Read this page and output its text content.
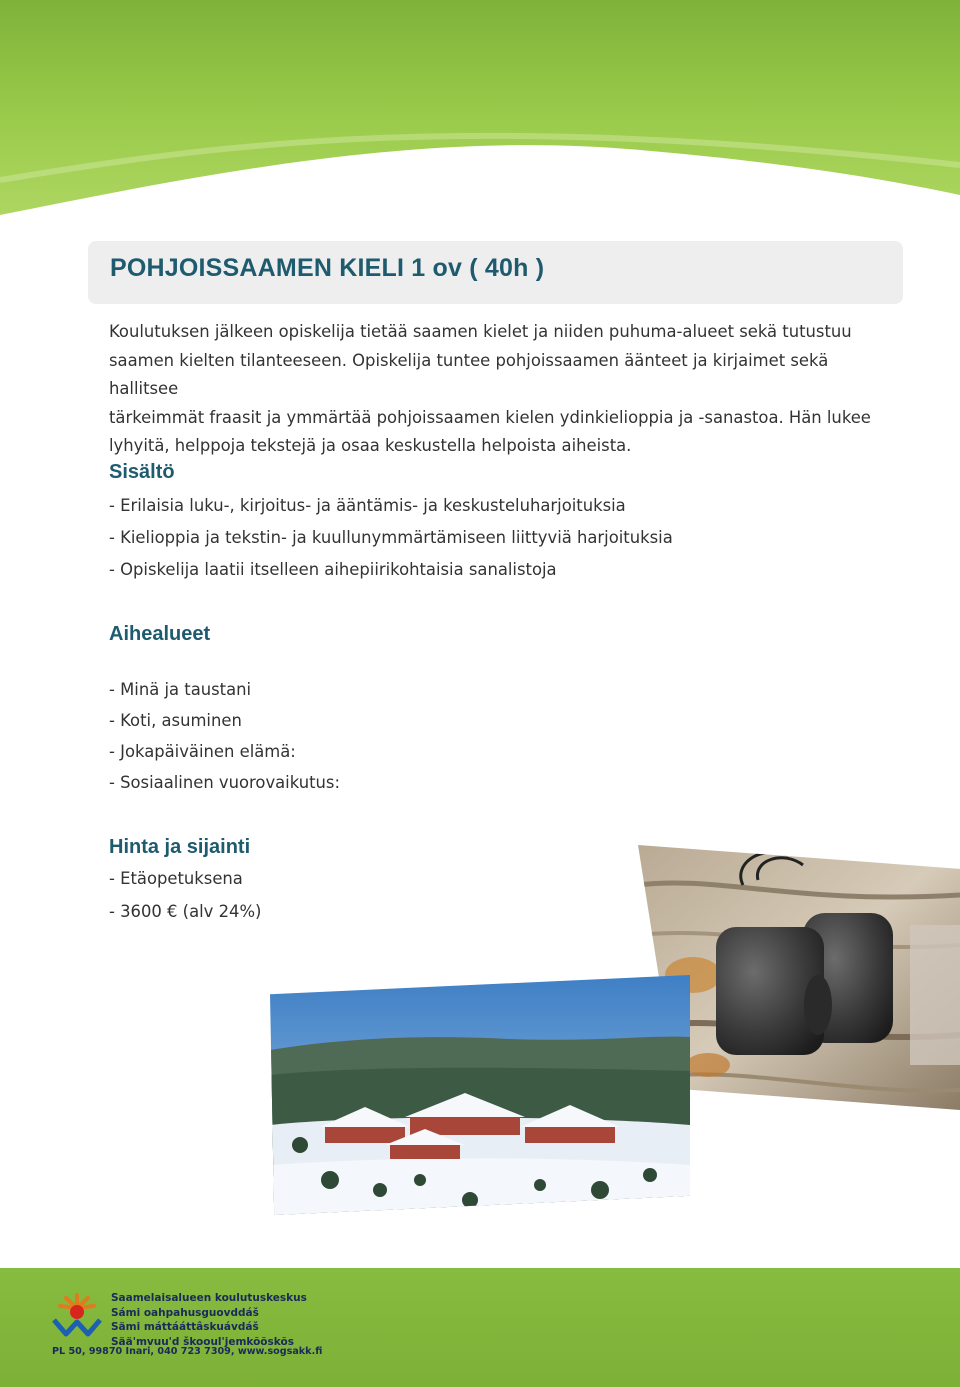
POHJOISSAAMEN KIELI 1 ov ( 40h )

Koulutuksen jälkeen opiskelija tietää saamen kielet ja niiden puhuma-alueet sekä tutustuu
saamen kielten tilanteeseen. Opiskelija tuntee pohjoissaamen äänteet ja kirjaimet sekä hallitsee
tärkeimmät fraasit ja ymmärtää pohjoissaamen kielen ydinkielioppia ja -sanastoa. Hän lukee
lyhyitä, helppoja tekstejä ja osaa keskustella helpoista aiheista.

Sisältö
- Erilaisia luku-, kirjoitus- ja ääntämis- ja keskusteluharjoituksia
- Kielioppia ja tekstin- ja kuullunymmärtämiseen liittyviä harjoituksia
- Opiskelija laatii itselleen aihepiirikohtaisia sanalistoja
Aihealueet
- Minä ja taustani
- Koti, asuminen
- Jokapäiväinen elämä:
- Sosiaalinen vuorovaikutus:
Hinta ja sijainti
- Etäopetuksena
- 3600 € (alv 24%)
Saamelaisalueen koulutuskeskus
Sámi oahpahusguovddáš
Sämi máttááttâskuávdáš
Sää'mvuu'd škooul'jemkõõskõs

PL 50, 99870 Inari, 040 723 7309, www.sogsakk.fi
